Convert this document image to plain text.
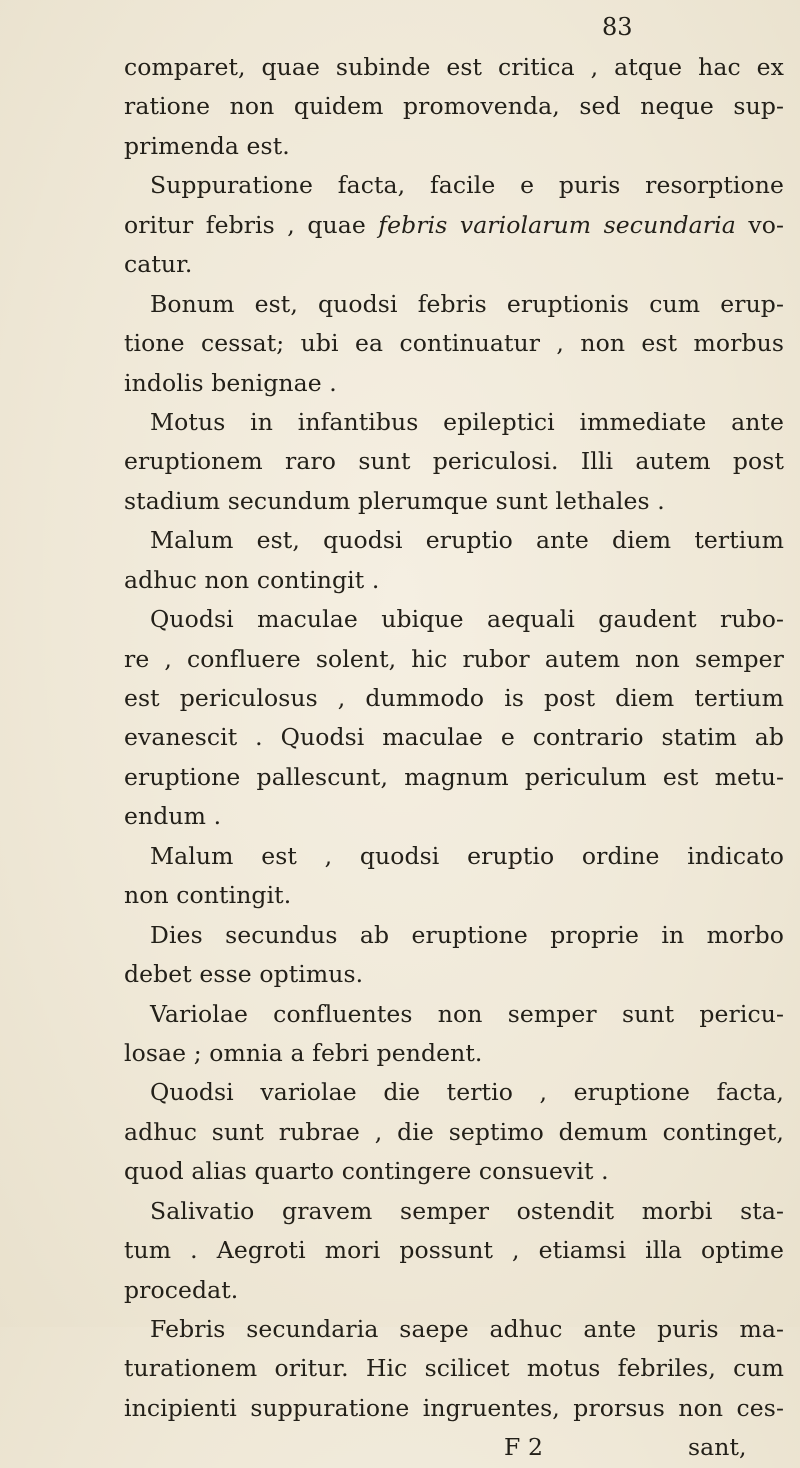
83
comparet, quae subinde est critica , atque hac ex
ratione non quidem promovenda, sed neque sup-
primenda est.
Suppuratione facta, facile e puris resorptione
oritur febris , quae febris variolarum secundaria vo-
catur.
Bonum est, quodsi febris eruptionis cum erup-
tione cessat; ubi ea continuatur , non est morbus
indolis benignae .
Motus in infantibus epileptici immediate ante
eruptionem raro sunt periculosi. Illi autem post
stadium secundum plerumque sunt lethales .
Malum est, quodsi eruptio ante diem tertium
adhuc non contingit .
Quodsi maculae ubique aequali gaudent rubo-
re , confluere solent, hic rubor autem non semper
est periculosus , dummodo is post diem tertium
evanescit . Quodsi maculae e contrario statim ab
eruptione pallescunt, magnum periculum est metu-
endum .
Malum est , quodsi eruptio ordine indicato
non contingit.
Dies secundus ab eruptione proprie in morbo
debet esse optimus.
Variolae confluentes non semper sunt pericu-
losae ; omnia a febri pendent.
Quodsi variolae die tertio , eruptione facta,
adhuc sunt rubrae , die septimo demum continget,
quod alias quarto contingere consuevit .
Salivatio gravem semper ostendit morbi sta-
tum . Aegroti mori possunt , etiamsi illa optime
procedat.
Febris secundaria saepe adhuc ante puris ma-
turationem oritur. Hic scilicet motus febriles, cum
incipienti suppuratione ingruentes, prorsus non ces-
F 2	sant,
